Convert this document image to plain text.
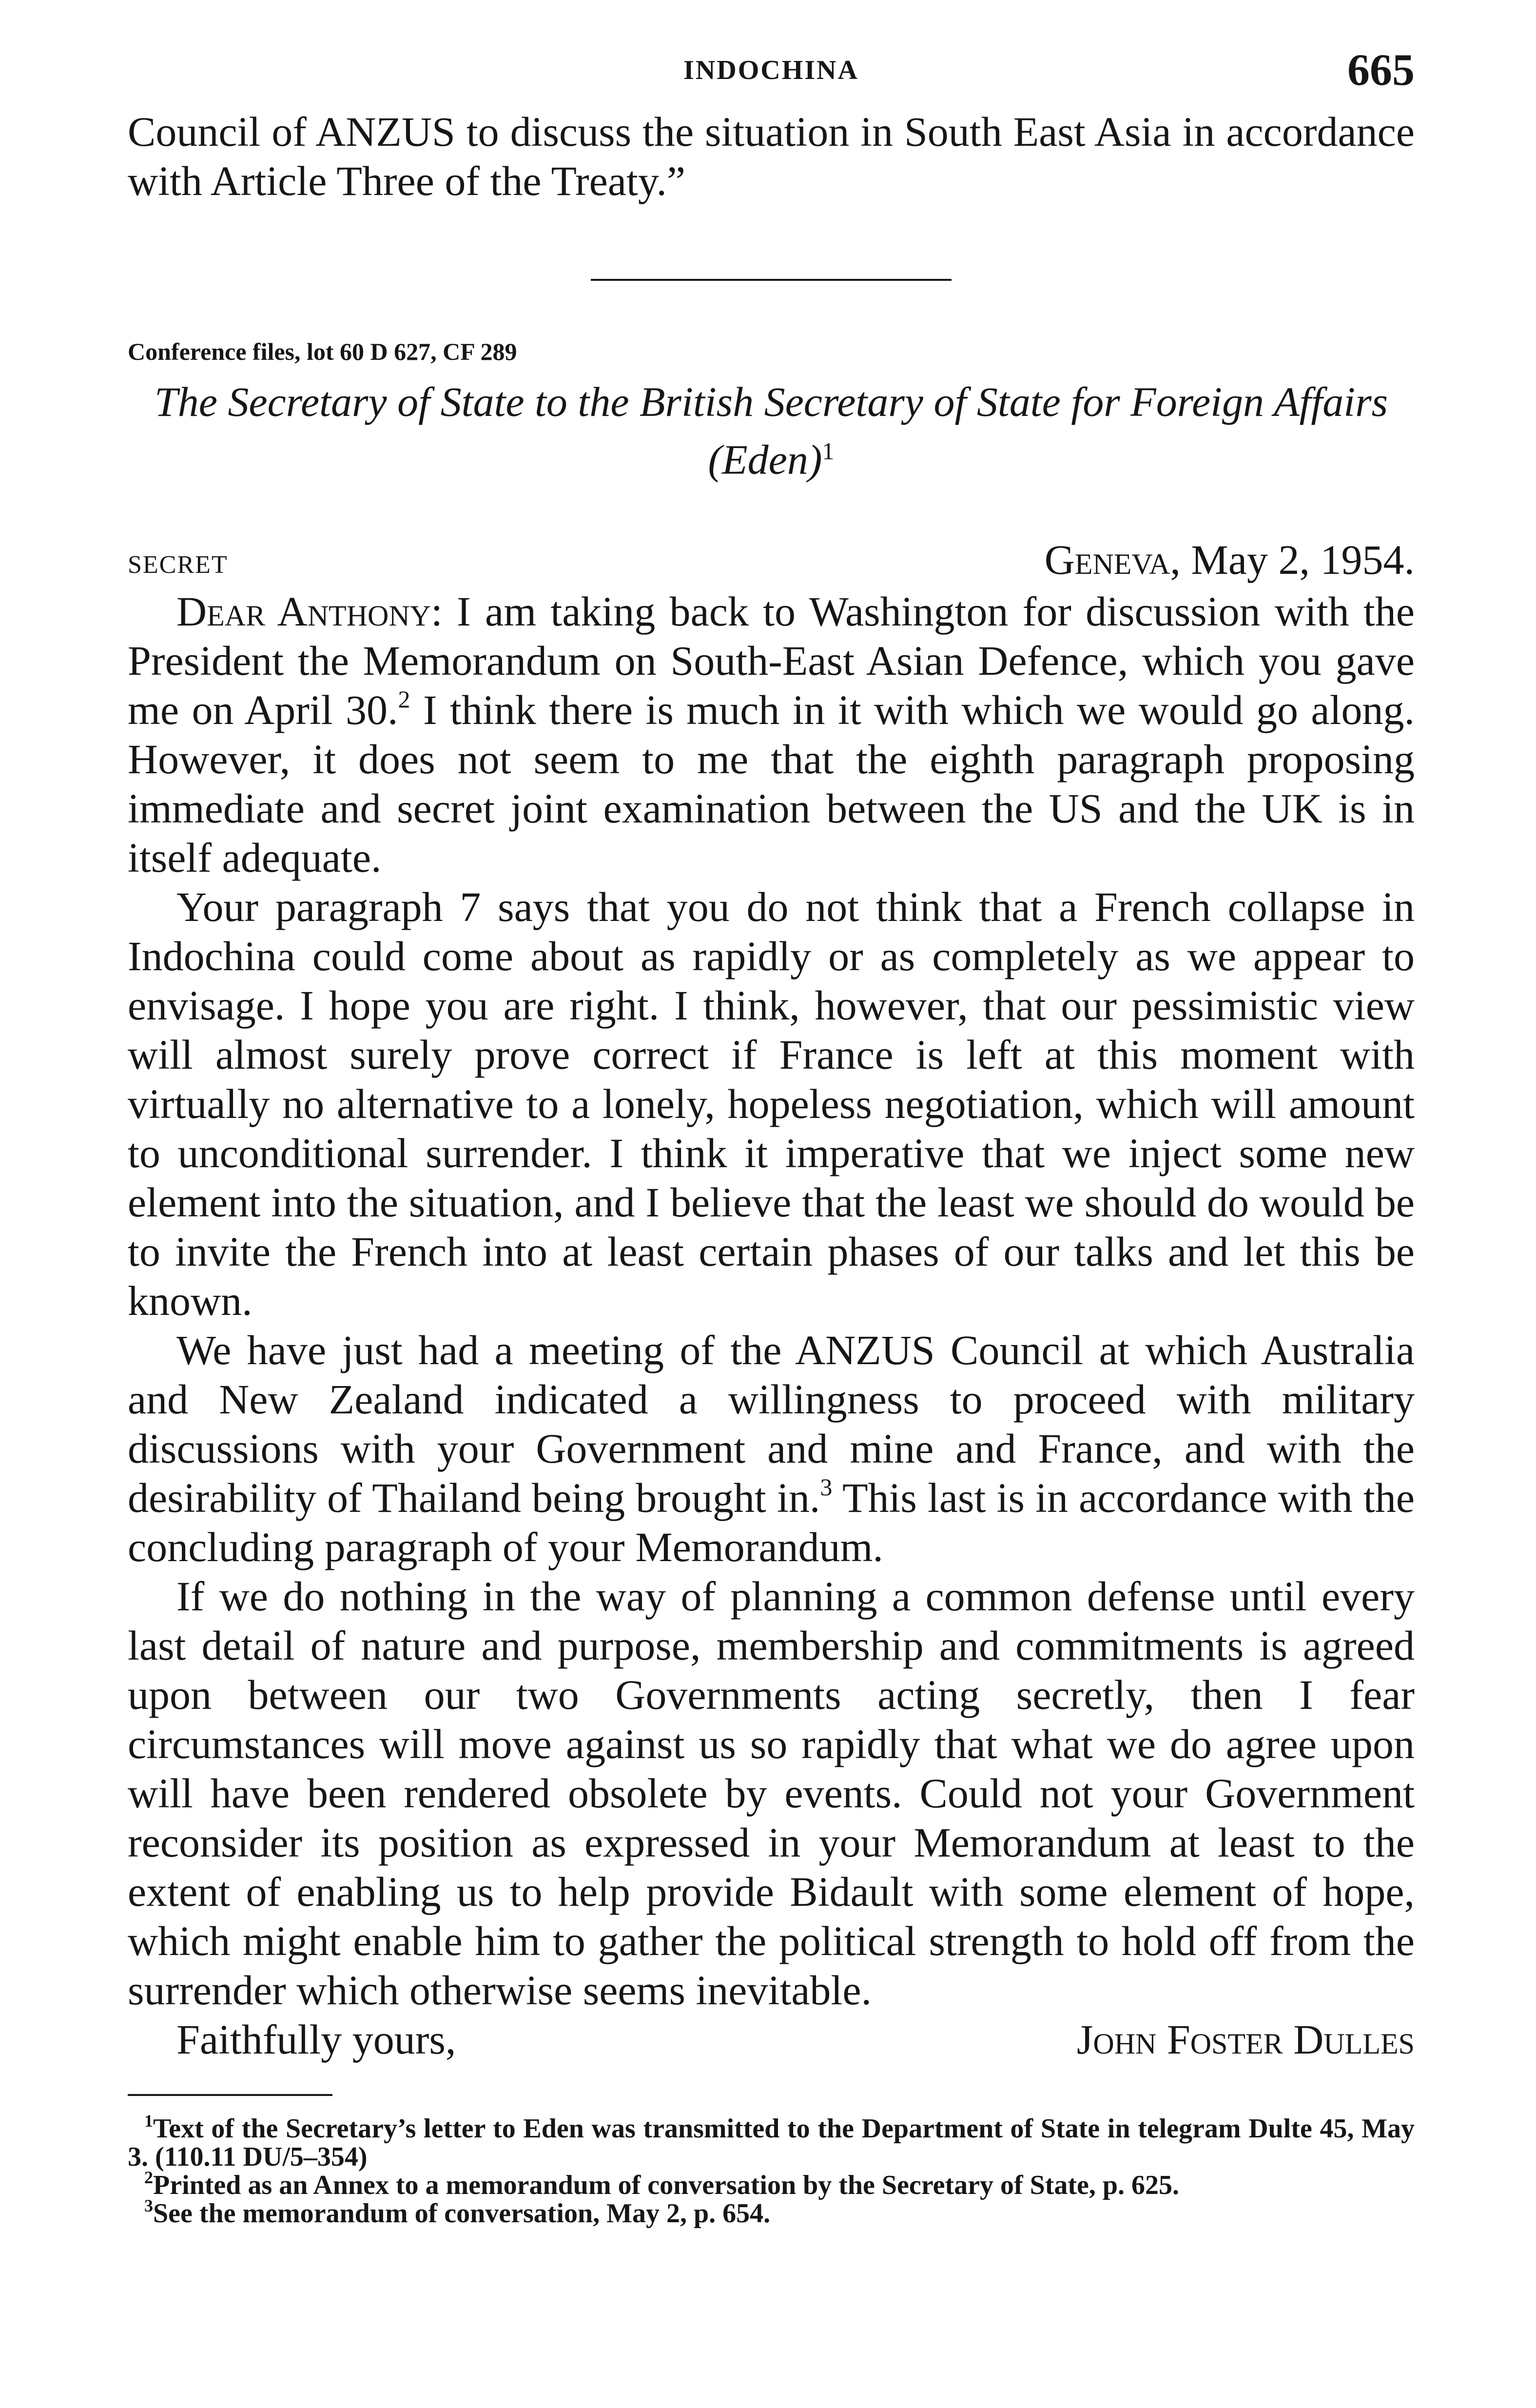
INDOCHINA	665

Council of ANZUS to discuss the situation in South East Asia in accordance with Article Three of the Treaty.”

Conference files, lot 60 D 627, CF 289

The Secretary of State to the British Secretary of State for Foreign Affairs (Eden)$^1$

SECRET	Geneva, May 2, 1954.

Dear Anthony: I am taking back to Washington for discussion with the President the Memorandum on South-East Asian Defence, which you gave me on April 30.$^2$ I think there is much in it with which we would go along. However, it does not seem to me that the eighth paragraph proposing immediate and secret joint examination between the US and the UK is in itself adequate.

Your paragraph 7 says that you do not think that a French collapse in Indochina could come about as rapidly or as completely as we appear to envisage. I hope you are right. I think, however, that our pessimistic view will almost surely prove correct if France is left at this moment with virtually no alternative to a lonely, hopeless negotiation, which will amount to unconditional surrender. I think it imperative that we inject some new element into the situation, and I believe that the least we should do would be to invite the French into at least certain phases of our talks and let this be known.

We have just had a meeting of the ANZUS Council at which Australia and New Zealand indicated a willingness to proceed with military discussions with your Government and mine and France, and with the desirability of Thailand being brought in.$^3$ This last is in accordance with the concluding paragraph of your Memorandum.

If we do nothing in the way of planning a common defense until every last detail of nature and purpose, membership and commitments is agreed upon between our two Governments acting secretly, then I fear circumstances will move against us so rapidly that what we do agree upon will have been rendered obsolete by events. Could not your Government reconsider its position as expressed in your Memorandum at least to the extent of enabling us to help provide Bidault with some element of hope, which might enable him to gather the political strength to hold off from the surrender which otherwise seems inevitable.

Faithfully yours,	John Foster Dulles

$^1$Text of the Secretary’s letter to Eden was transmitted to the Department of State in telegram Dulte 45, May 3. (110.11 DU/5–354)

$^2$Printed as an Annex to a memorandum of conversation by the Secretary of State, p. 625.

$^3$See the memorandum of conversation, May 2, p. 654.
